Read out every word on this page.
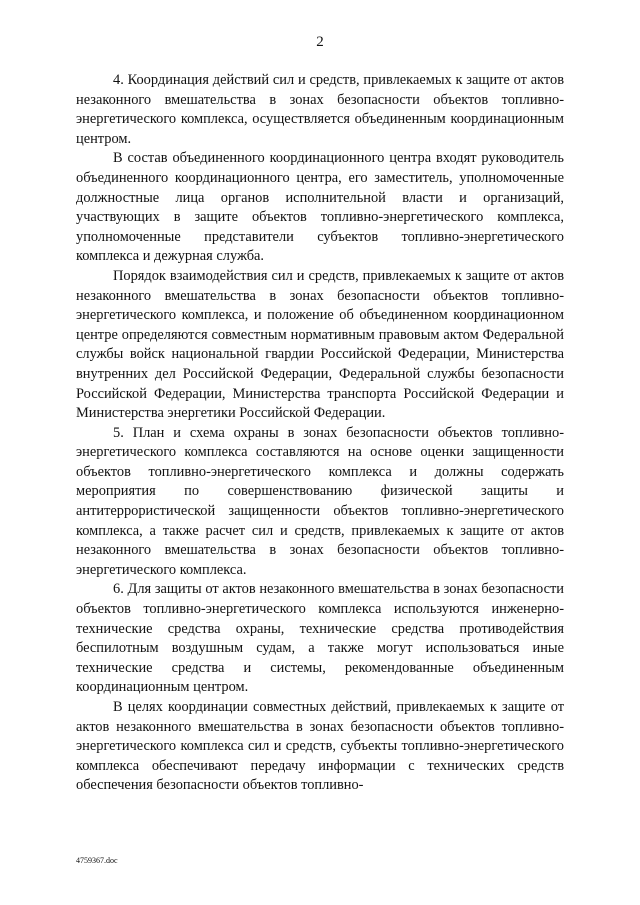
2

4. Координация действий сил и средств, привлекаемых к защите от актов незаконного вмешательства в зонах безопасности объектов топливно-энергетического комплекса, осуществляется объединенным координационным центром.

В состав объединенного координационного центра входят руководитель объединенного координационного центра, его заместитель, уполномоченные должностные лица органов исполнительной власти и организаций, участвующих в защите объектов топливно-энергетического комплекса, уполномоченные представители субъектов топливно-энергетического комплекса и дежурная служба.

Порядок взаимодействия сил и средств, привлекаемых к защите от актов незаконного вмешательства в зонах безопасности объектов топливно-энергетического комплекса, и положение об объединенном координационном центре определяются совместным нормативным правовым актом Федеральной службы войск национальной гвардии Российской Федерации, Министерства внутренних дел Российской Федерации, Федеральной службы безопасности Российской Федерации, Министерства транспорта Российской Федерации и Министерства энергетики Российской Федерации.

5. План и схема охраны в зонах безопасности объектов топливно-энергетического комплекса составляются на основе оценки защищенности объектов топливно-энергетического комплекса и должны содержать мероприятия по совершенствованию физической защиты и антитеррористической защищенности объектов топливно-энергетического комплекса, а также расчет сил и средств, привлекаемых к защите от актов незаконного вмешательства в зонах безопасности объектов топливно-энергетического комплекса.

6. Для защиты от актов незаконного вмешательства в зонах безопасности объектов топливно-энергетического комплекса используются инженерно-технические средства охраны, технические средства противодействия беспилотным воздушным судам, а также могут использоваться иные технические средства и системы, рекомендованные объединенным координационным центром.

В целях координации совместных действий, привлекаемых к защите от актов незаконного вмешательства в зонах безопасности объектов топливно-энергетического комплекса сил и средств, субъекты топливно-энергетического комплекса обеспечивают передачу информации с технических средств обеспечения безопасности объектов топливно-

4759367.doc
